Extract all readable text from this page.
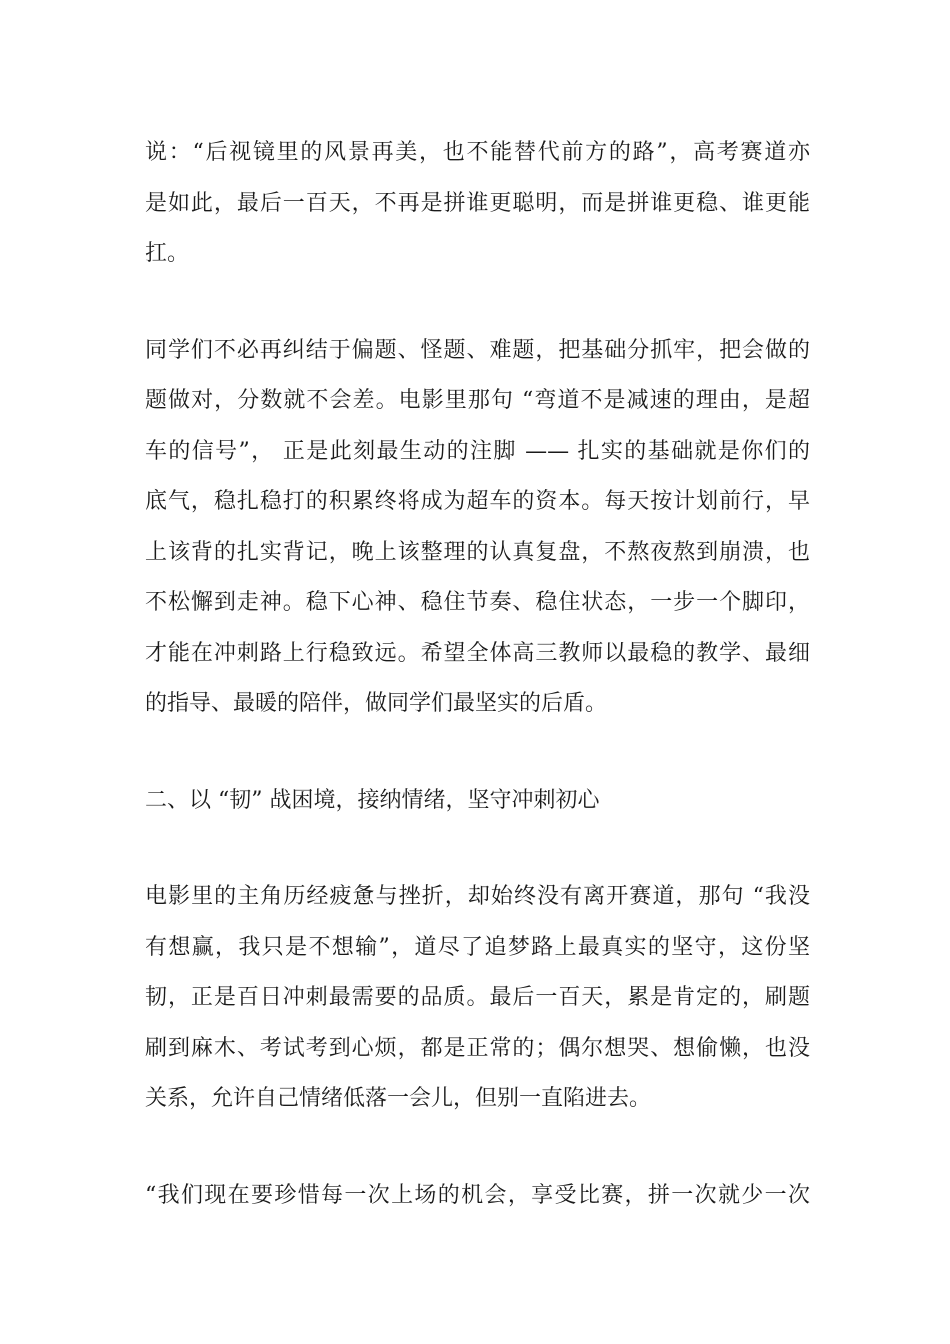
说：“后视镜里的风景再美，也不能替代前方的路”，高考赛道亦
是如此，最后一百天，不再是拼谁更聪明，而是拼谁更稳、谁更能
扛。
同学们不必再纠结于偏题、怪题、难题，把基础分抓牢，把会做的
题做对，分数就不会差。电影里那句 “弯道不是减速的理由，是超
车的信号”， 正是此刻最生动的注脚 —— 扎实的基础就是你们的
底气，稳扎稳打的积累终将成为超车的资本。每天按计划前行，早
上该背的扎实背记，晚上该整理的认真复盘，不熬夜熬到崩溃，也
不松懈到走神。稳下心神、稳住节奏、稳住状态，一步一个脚印，
才能在冲刺路上行稳致远。希望全体高三教师以最稳的教学、最细
的指导、最暖的陪伴，做同学们最坚实的后盾。
二、以 “韧” 战困境，接纳情绪，坚守冲刺初心
电影里的主角历经疲惫与挫折，却始终没有离开赛道，那句 “我没
有想赢，我只是不想输”，道尽了追梦路上最真实的坚守，这份坚
韧，正是百日冲刺最需要的品质。最后一百天，累是肯定的，刷题
刷到麻木、考试考到心烦，都是正常的；偶尔想哭、想偷懒，也没
关系，允许自己情绪低落一会儿，但别一直陷进去。
“我们现在要珍惜每一次上场的机会，享受比赛，拼一次就少一次
